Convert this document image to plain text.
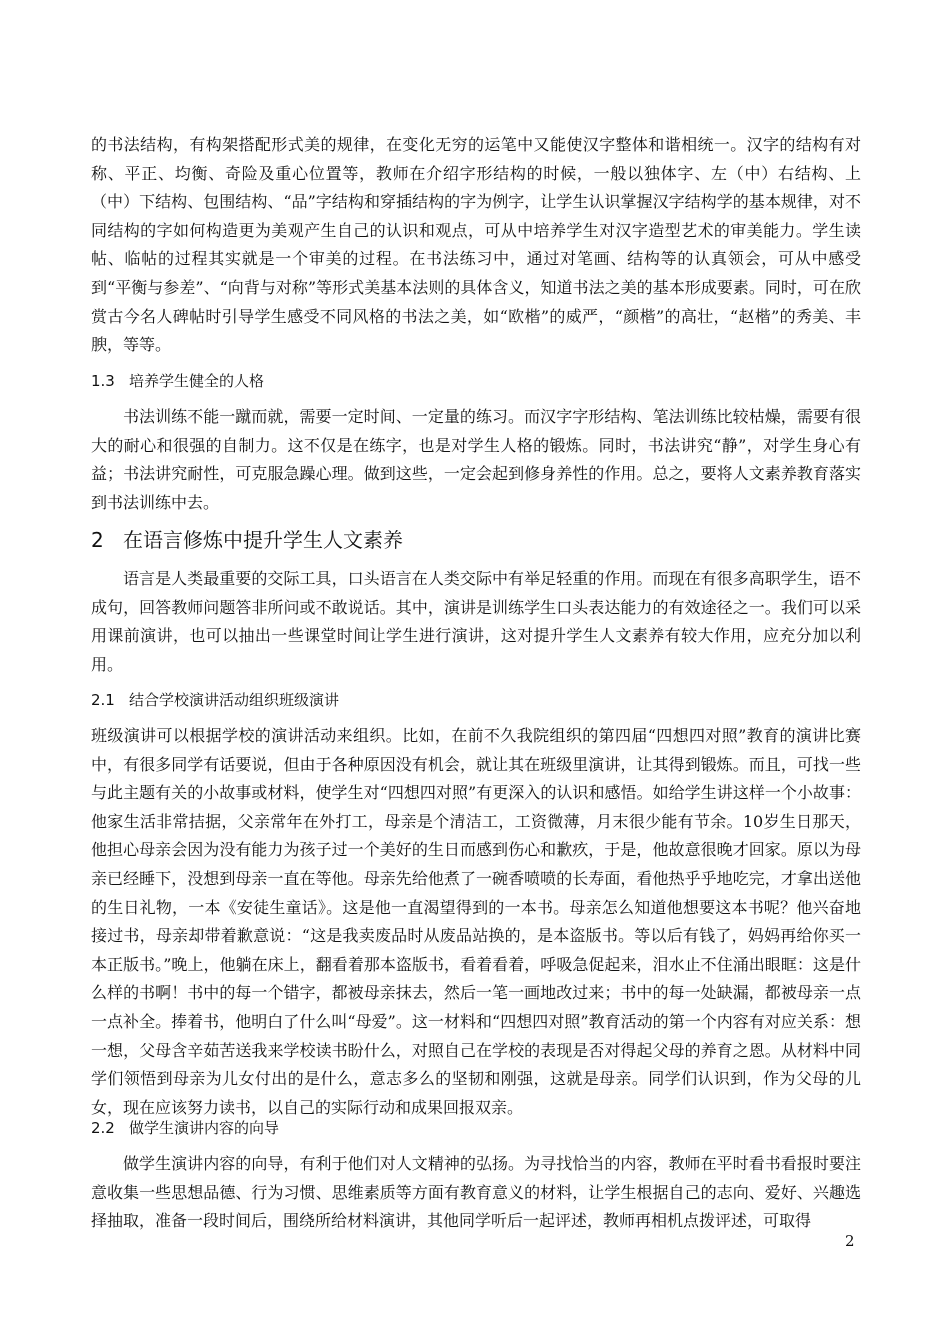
的书法结构，有构架搭配形式美的规律，在变化无穷的运笔中又能使汉字整体和谐相统一。汉字的结构有对称、平正、均衡、奇险及重心位置等，教师在介绍字形结构的时候，一般以独体字、左（中）右结构、上（中）下结构、包围结构、“品”字结构和穿插结构的字为例字，让学生认识掌握汉字结构学的基本规律，对不同结构的字如何构造更为美观产生自己的认识和观点，可从中培养学生对汉字造型艺术的审美能力。学生读帖、临帖的过程其实就是一个审美的过程。在书法练习中，通过对笔画、结构等的认真领会，可从中感受到“平衡与参差”、“向背与对称”等形式美基本法则的具体含义，知道书法之美的基本形成要素。同时，可在欣赏古今名人碑帖时引导学生感受不同风格的书法之美，如“欧楷”的威严，“颜楷”的高壮，“赵楷”的秀美、丰腴，等等。

1.3 培养学生健全的人格

书法训练不能一蹴而就，需要一定时间、一定量的练习。而汉字字形结构、笔法训练比较枯燥，需要有很大的耐心和很强的自制力。这不仅是在练字，也是对学生人格的锻炼。同时，书法讲究“静”，对学生身心有益；书法讲究耐性，可克服急躁心理。做到这些，一定会起到修身养性的作用。总之，要将人文素养教育落实到书法训练中去。

2 在语言修炼中提升学生人文素养

语言是人类最重要的交际工具，口头语言在人类交际中有举足轻重的作用。而现在有很多高职学生，语不成句，回答教师问题答非所问或不敢说话。其中，演讲是训练学生口头表达能力的有效途径之一。我们可以采用课前演讲，也可以抽出一些课堂时间让学生进行演讲，这对提升学生人文素养有较大作用，应充分加以利用。

2.1 结合学校演讲活动组织班级演讲

班级演讲可以根据学校的演讲活动来组织。比如，在前不久我院组织的第四届“四想四对照”教育的演讲比赛中，有很多同学有话要说，但由于各种原因没有机会，就让其在班级里演讲，让其得到锻炼。而且，可找一些与此主题有关的小故事或材料，使学生对“四想四对照”有更深入的认识和感悟。如给学生讲这样一个小故事：他家生活非常拮据，父亲常年在外打工，母亲是个清洁工，工资微薄，月末很少能有节余。10岁生日那天，他担心母亲会因为没有能力为孩子过一个美好的生日而感到伤心和歉疚，于是，他故意很晚才回家。原以为母亲已经睡下，没想到母亲一直在等他。母亲先给他煮了一碗香喷喷的长寿面，看他热乎乎地吃完，才拿出送他的生日礼物，一本《安徒生童话》。这是他一直渴望得到的一本书。母亲怎么知道他想要这本书呢？他兴奋地接过书，母亲却带着歉意说：“这是我卖废品时从废品站换的，是本盗版书。等以后有钱了，妈妈再给你买一本正版书。”晚上，他躺在床上，翻看着那本盗版书，看着看着，呼吸急促起来，泪水止不住涌出眼眶：这是什么样的书啊！书中的每一个错字，都被母亲抹去，然后一笔一画地改过来；书中的每一处缺漏，都被母亲一点一点补全。捧着书，他明白了什么叫“母爱”。这一材料和“四想四对照”教育活动的第一个内容有对应关系：想一想，父母含辛茹苦送我来学校读书盼什么，对照自己在学校的表现是否对得起父母的养育之恩。从材料中同学们领悟到母亲为儿女付出的是什么，意志多么的坚韧和刚强，这就是母亲。同学们认识到，作为父母的儿女，现在应该努力读书，以自己的实际行动和成果回报双亲。

2.2 做学生演讲内容的向导

做学生演讲内容的向导，有利于他们对人文精神的弘扬。为寻找恰当的内容，教师在平时看书看报时要注意收集一些思想品德、行为习惯、思维素质等方面有教育意义的材料，让学生根据自己的志向、爱好、兴趣选择抽取，准备一段时间后，围绕所给材料演讲，其他同学听后一起评述，教师再相机点拨评述，可取得

2
